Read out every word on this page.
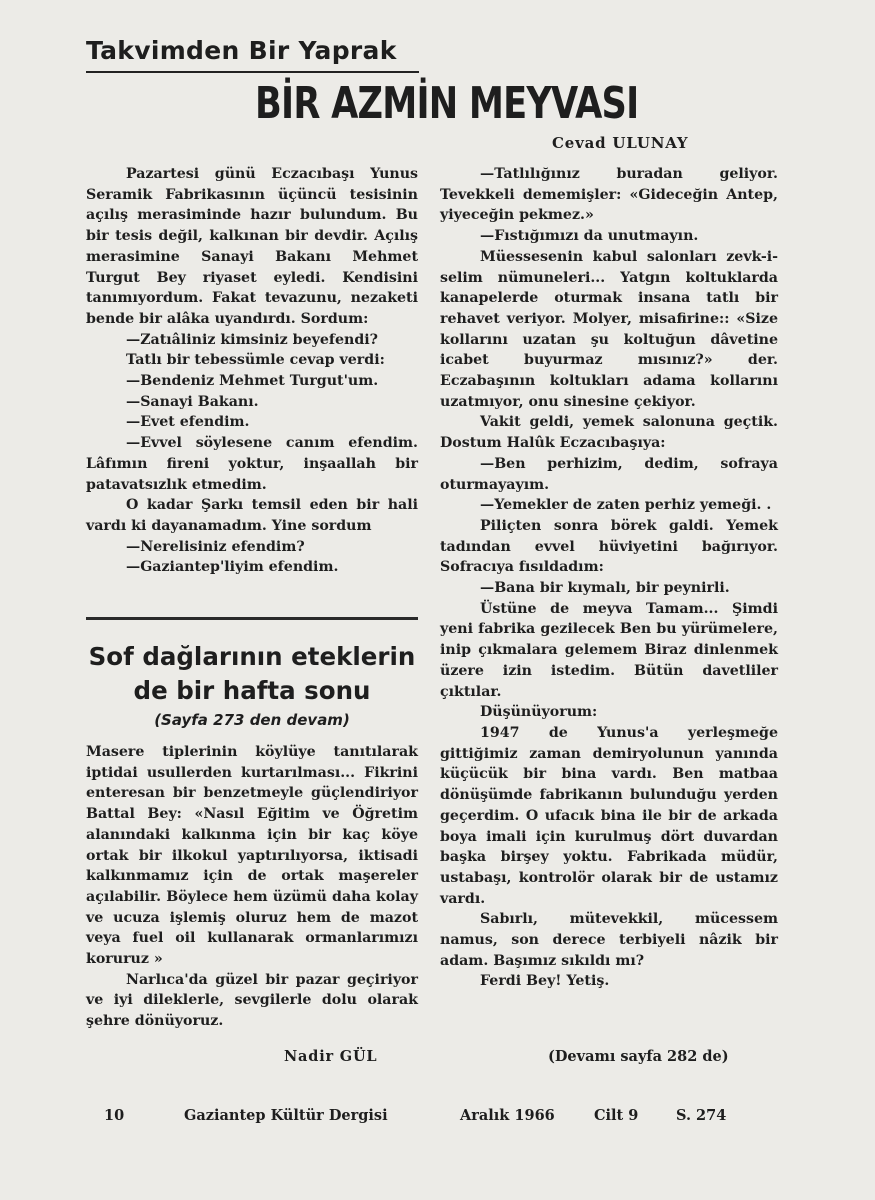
Takvimden Bir Yaprak
BİR AZMİN MEYVASI
Cevad ULUNAY

Pazartesi günü Eczacıbaşı Yunus Seramik Fabrikasının üçüncü tesisinin açılış merasiminde hazır bulundum. Bu bir tesis değil, kalkınan bir devdir. Açılış merasimine Sanayi Bakanı Mehmet Turgut Bey riyaset eyledi. Kendisini tanımıyordum. Fakat tevazunu, nezaketi bende bir alâka uyandırdı. Sordum:

—Zatıâliniz kimsiniz beyefendi?

Tatlı bir tebessümle cevap verdi:

—Bendeniz Mehmet Turgut'um.

—Sanayi Bakanı.

—Evet efendim.

—Evvel söylesene canım efendim. Lâfımın fireni yoktur, inşaallah bir patavatsızlık etmedim.

O kadar Şarkı temsil eden bir hali vardı ki dayanamadım. Yine sordum

—Nerelisiniz efendim?

—Gaziantep'liyim efendim.

—Tatlılığınız buradan geliyor. Tevekkeli dememişler: «Gideceğin Antep, yiyeceğin pekmez.»

—Fıstığımızı da unutmayın.

Müessesenin kabul salonları zevk-i-selim nümuneleri... Yatgın koltuklarda kanapelerde oturmak insana tatlı bir rehavet veriyor. Molyer, misafirine:: «Size kollarını uzatan şu koltuğun dâvetine icabet buyurmaz mısınız?» der. Eczabaşının koltukları adama kollarını uzatmıyor, onu sinesine çekiyor.

Vakit geldi, yemek salonuna geçtik. Dostum Halûk Eczacıbaşıya:

—Ben perhizim, dedim, sofraya oturmayayım.

—Yemekler de zaten perhiz yemeği. .

Piliçten sonra börek galdi. Yemek tadından evvel hüviyetini bağırıyor. Sofracıya fısıldadım:

—Bana bir kıymalı, bir peynirli.

Üstüne de meyva Tamam... Şimdi yeni fabrika gezilecek Ben bu yürümelere, inip çıkmalara gelemem Biraz dinlenmek üzere izin istedim. Bütün davetliler çıktılar.

Düşünüyorum:

1947 de Yunus'a yerleşmeğe gittiğimiz zaman demiryolunun yanında küçücük bir bina vardı. Ben matbaa dönüşümde fabrikanın bulunduğu yerden geçerdim. O ufacık bina ile bir de arkada boya imali için kurulmuş dört duvardan başka birşey yoktu. Fabrikada müdür, ustabaşı, kontrolör olarak bir de ustamız vardı.

Sabırlı, mütevekkil, mücessem namus, son derece terbiyeli nâzik bir adam. Başımız sıkıldı mı?

Ferdi Bey! Yetiş.

Sof dağlarının eteklerin
de bir hafta sonu
(Sayfa 273 den devam)

Masere tiplerinin köylüye tanıtılarak iptidai usullerden kurtarılması... Fikrini enteresan bir benzetmeyle güçlendiriyor Battal Bey: «Nasıl Eğitim ve Öğretim alanındaki kalkınma için bir kaç köye ortak bir ilkokul yaptırılıyorsa, iktisadi kalkınmamız için de ortak maşereler açılabilir. Böylece hem üzümü daha kolay ve ucuza işlemiş oluruz hem de mazot veya fuel oil kullanarak ormanlarımızı koruruz »

Narlıca'da güzel bir pazar geçiriyor ve iyi dileklerle, sevgilerle dolu olarak şehre dönüyoruz.

Nadir GÜL	(Devamı sayfa 282 de)
10	Gaziantep Kültür Dergisi	Aralık 1966	Cilt 9	S. 274
